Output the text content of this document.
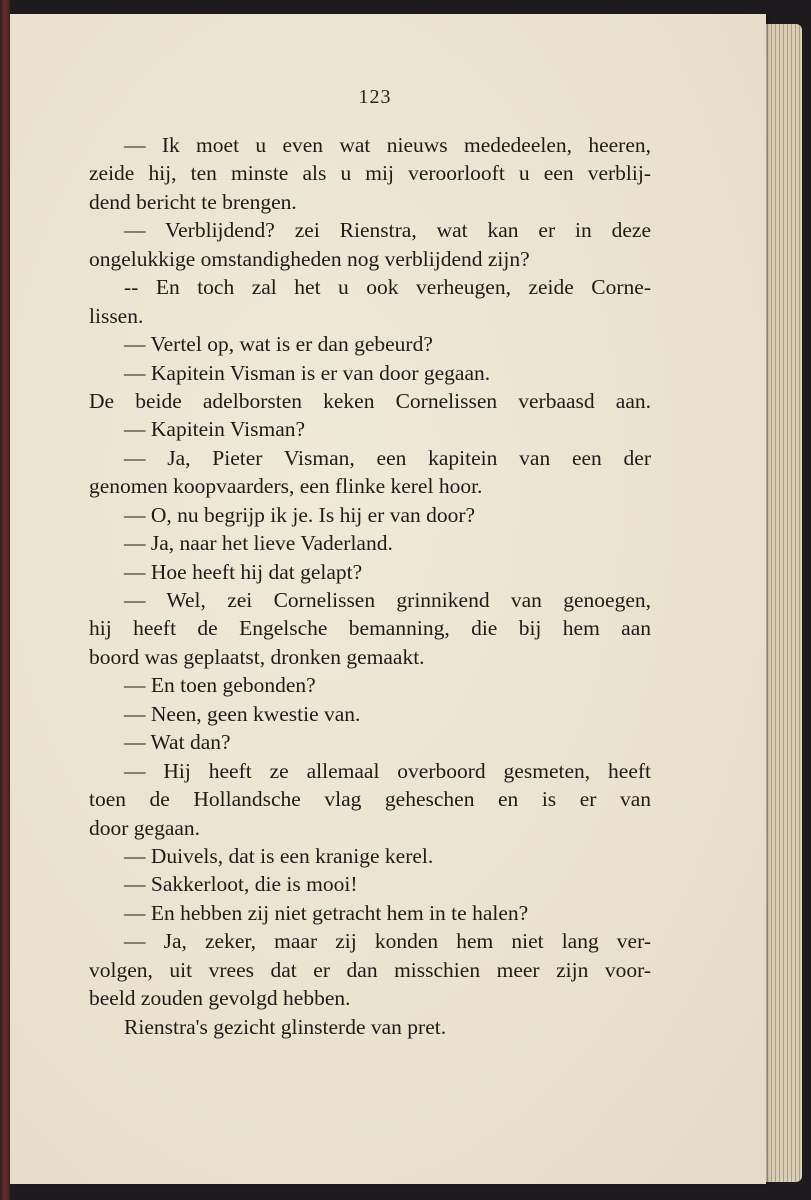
123
— Ik moet u even wat nieuws mededeelen, heeren,
zeide hij, ten minste als u mij veroorlooft u een verblij-
dend bericht te brengen.
— Verblijdend? zei Rienstra, wat kan er in deze
ongelukkige omstandigheden nog verblijdend zijn?
-- En toch zal het u ook verheugen, zeide Corne-
lissen.
— Vertel op, wat is er dan gebeurd?
— Kapitein Visman is er van door gegaan.
De beide adelborsten keken Cornelissen verbaasd aan.
— Kapitein Visman?
— Ja, Pieter Visman, een kapitein van een der
genomen koopvaarders, een flinke kerel hoor.
— O, nu begrijp ik je. Is hij er van door?
— Ja, naar het lieve Vaderland.
— Hoe heeft hij dat gelapt?
— Wel, zei Cornelissen grinnikend van genoegen,
hij heeft de Engelsche bemanning, die bij hem aan
boord was geplaatst, dronken gemaakt.
— En toen gebonden?
— Neen, geen kwestie van.
— Wat dan?
— Hij heeft ze allemaal overboord gesmeten, heeft
toen de Hollandsche vlag geheschen en is er van
door gegaan.
— Duivels, dat is een kranige kerel.
— Sakkerloot, die is mooi!
— En hebben zij niet getracht hem in te halen?
— Ja, zeker, maar zij konden hem niet lang ver-
volgen, uit vrees dat er dan misschien meer zijn voor-
beeld zouden gevolgd hebben.
Rienstra's gezicht glinsterde van pret.
